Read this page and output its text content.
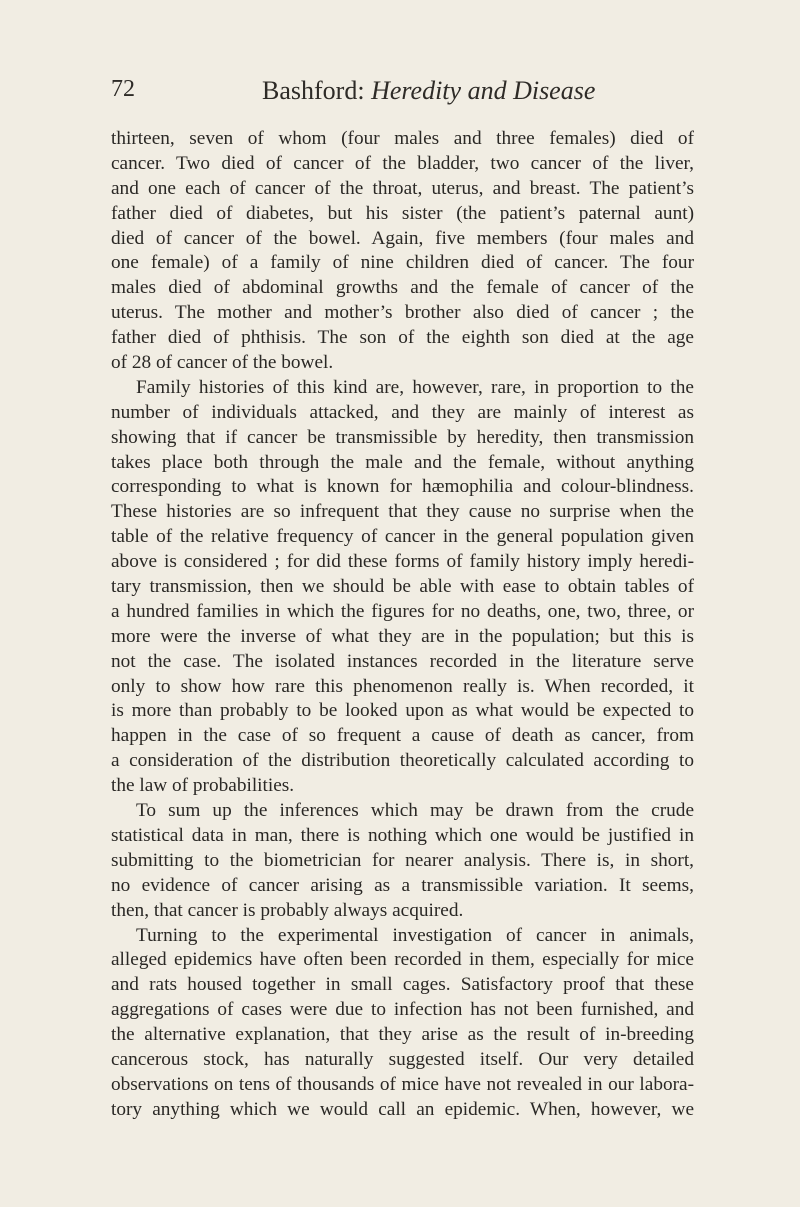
72	Bashford: Heredity and Disease
thirteen, seven of whom (four males and three females) died of
cancer. Two died of cancer of the bladder, two cancer of the liver,
and one each of cancer of the throat, uterus, and breast. The patient’s
father died of diabetes, but his sister (the patient’s paternal aunt)
died of cancer of the bowel. Again, five members (four males and
one female) of a family of nine children died of cancer. The four
males died of abdominal growths and the female of cancer of the
uterus. The mother and mother’s brother also died of cancer ; the
father died of phthisis. The son of the eighth son died at the age
of 28 of cancer of the bowel.
Family histories of this kind are, however, rare, in proportion to the
number of individuals attacked, and they are mainly of interest as
showing that if cancer be transmissible by heredity, then transmission
takes place both through the male and the female, without anything
corresponding to what is known for hæmophilia and colour-blindness.
These histories are so infrequent that they cause no surprise when the
table of the relative frequency of cancer in the general population given
above is considered ; for did these forms of family history imply heredi-
tary transmission, then we should be able with ease to obtain tables of
a hundred families in which the figures for no deaths, one, two, three, or
more were the inverse of what they are in the population; but this is
not the case. The isolated instances recorded in the literature serve
only to show how rare this phenomenon really is. When recorded, it
is more than probably to be looked upon as what would be expected to
happen in the case of so frequent a cause of death as cancer, from
a consideration of the distribution theoretically calculated according to
the law of probabilities.
To sum up the inferences which may be drawn from the crude
statistical data in man, there is nothing which one would be justified in
submitting to the biometrician for nearer analysis. There is, in short,
no evidence of cancer arising as a transmissible variation. It seems,
then, that cancer is probably always acquired.
Turning to the experimental investigation of cancer in animals,
alleged epidemics have often been recorded in them, especially for mice
and rats housed together in small cages. Satisfactory proof that these
aggregations of cases were due to infection has not been furnished, and
the alternative explanation, that they arise as the result of in-breeding
cancerous stock, has naturally suggested itself. Our very detailed
observations on tens of thousands of mice have not revealed in our labora-
tory anything which we would call an epidemic. When, however, we
